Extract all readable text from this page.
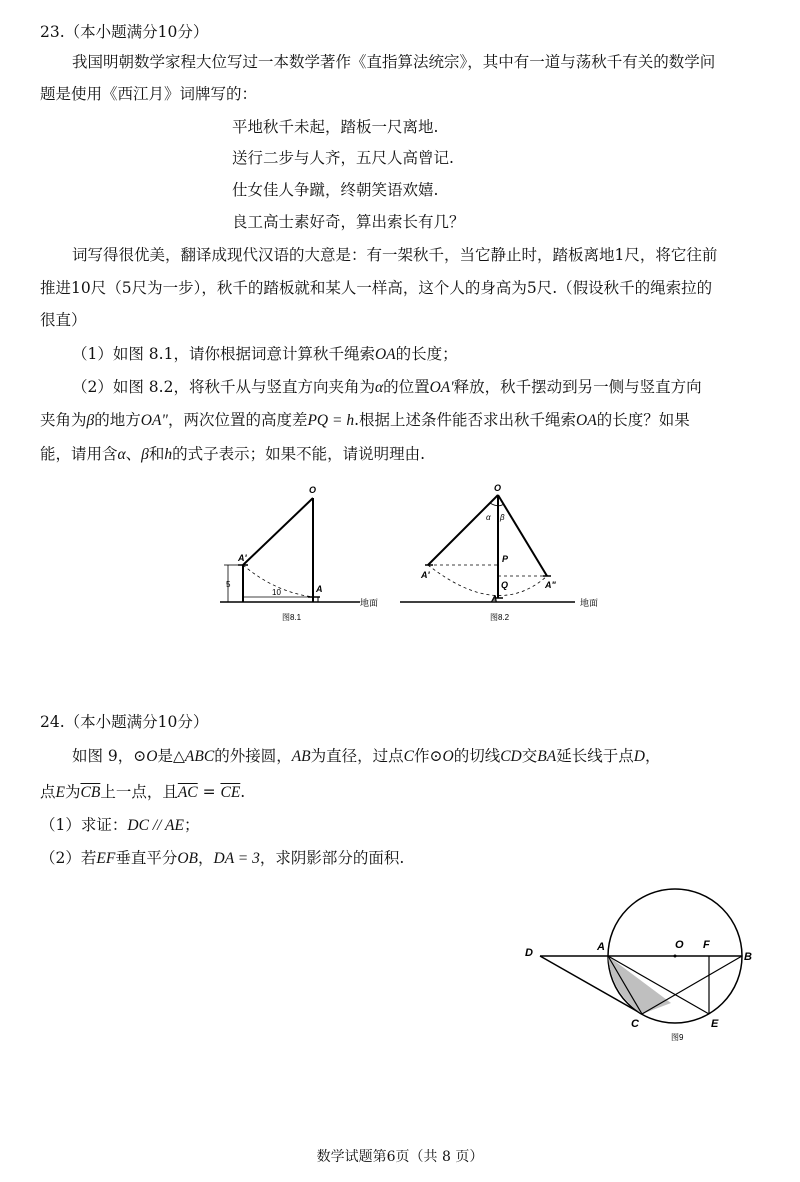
23.（本小题满分10分）
我国明朝数学家程大位写过一本数学著作《直指算法统宗》，其中有一道与荡秋千有关的数学问
题是使用《西江月》词牌写的：
平地秋千未起，踏板一尺离地.
送行二步与人齐，五尺人高曾记.
仕女佳人争蹴，终朝笑语欢嬉.
良工高士素好奇，算出索长有几？
词写得很优美，翻译成现代汉语的大意是：有一架秋千，当它静止时，踏板离地1尺，将它往前
推进10尺（5尺为一步），秋千的踏板就和某人一样高，这个人的身高为5尺.（假设秋千的绳索拉的
很直）
（1）如图 8.1，请你根据词意计算秋千绳索OA的长度；
（2）如图 8.2，将秋千从与竖直方向夹角为α的位置OA'释放，秋千摆动到另一侧与竖直方向
夹角为β的地方OA"，两次位置的高度差PQ = h.根据上述条件能否求出秋千绳索OA的长度？如果
能，请用含α、β和h的式子表示；如果不能，请说明理由.
O
A'
A
5
10
地面
图8.1
O
α β
P
A'
Q
A
A"
地面
图8.2
24.（本小题满分10分）
如图 9，⊙O是△ABC的外接圆，AB为直径，过点C作⊙O的切线CD交BA延长线于点D，
点E为$\overline{CB}$上一点，且$\overline{AC} = \overline{CE}$.
（1）求证：DC // AE；
（2）若EF垂直平分OB，DA = 3，求阴影部分的面积.
D	A	O F
B
C	E
图9
数学试题第6页（共 8 页）
